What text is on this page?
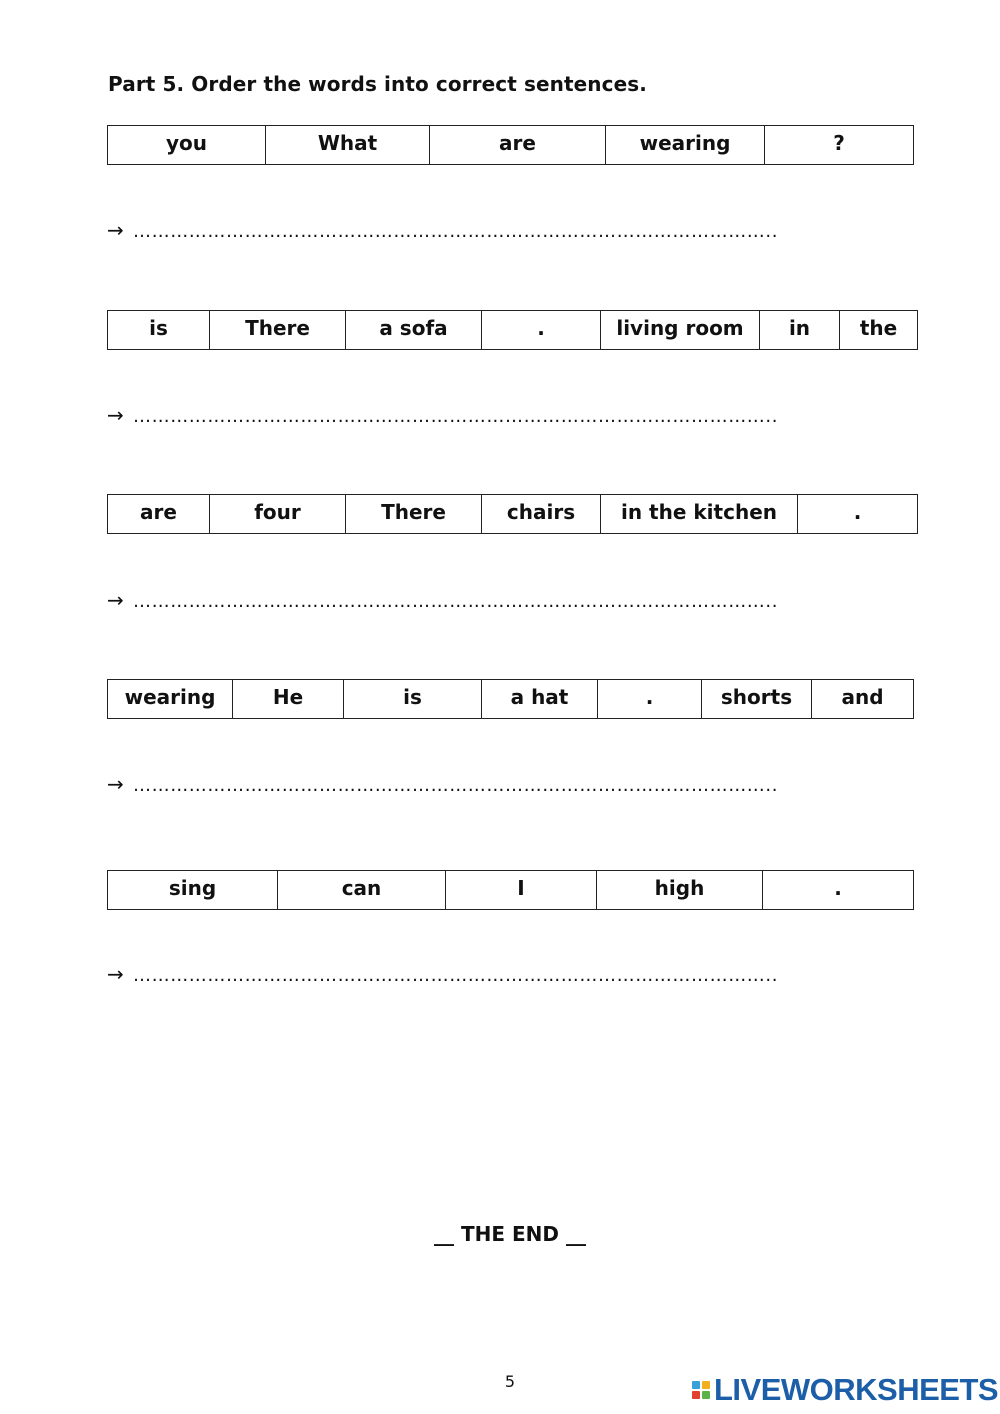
Part 5. Order the words into correct sentences.
you	What	are	wearing	?
→ …………………………………………………………………………………………..
is	There	a sofa	.	living room	in	the
→ …………………………………………………………………………………………..
are	four	There	chairs	in the kitchen	.
→ …………………………………………………………………………………………..
wearing	He	is	a hat	.	shorts	and
→ …………………………………………………………………………………………..
sing	can	I	high	.
→ …………………………………………………………………………………………..
__ THE END __
5	LIVEWORKSHEETS
